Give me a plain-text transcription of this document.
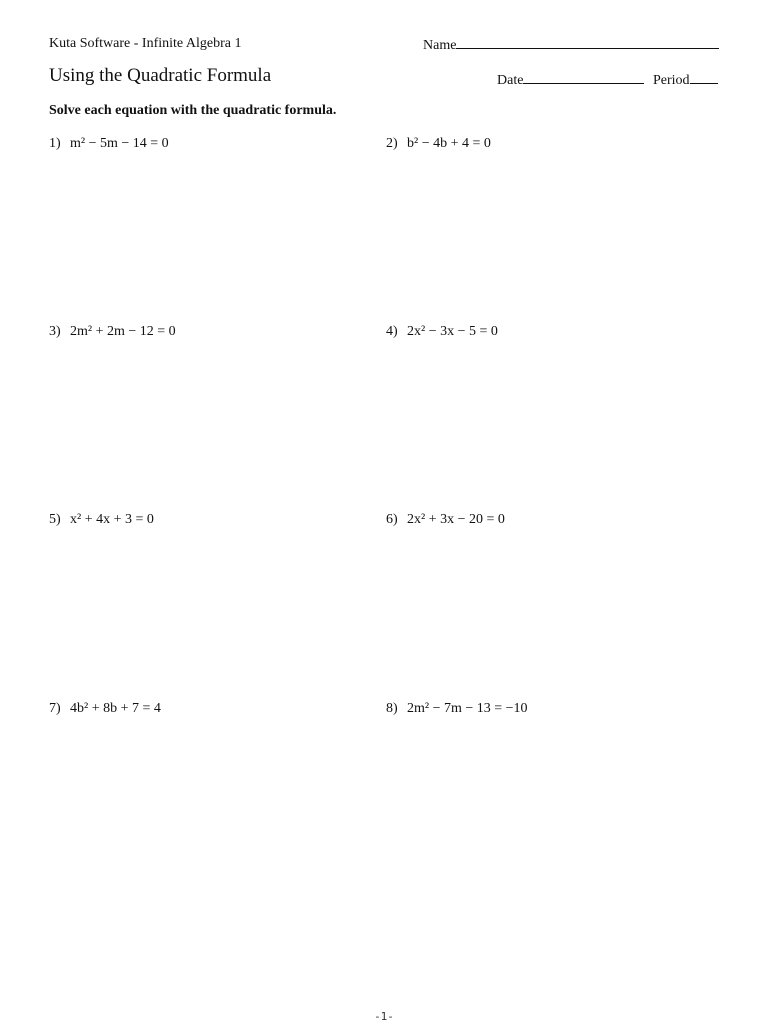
Kuta Software - Infinite Algebra 1
Using the Quadratic Formula
Name
Date	Period
Solve each equation with the quadratic formula.
1) m² − 5m − 14 = 0	2) b² − 4b + 4 = 0
3) 2m² + 2m − 12 = 0	4) 2x² − 3x − 5 = 0
5) x² + 4x + 3 = 0	6) 2x² + 3x − 20 = 0
7) 4b² + 8b + 7 = 4	8) 2m² − 7m − 13 = −10
-1-
